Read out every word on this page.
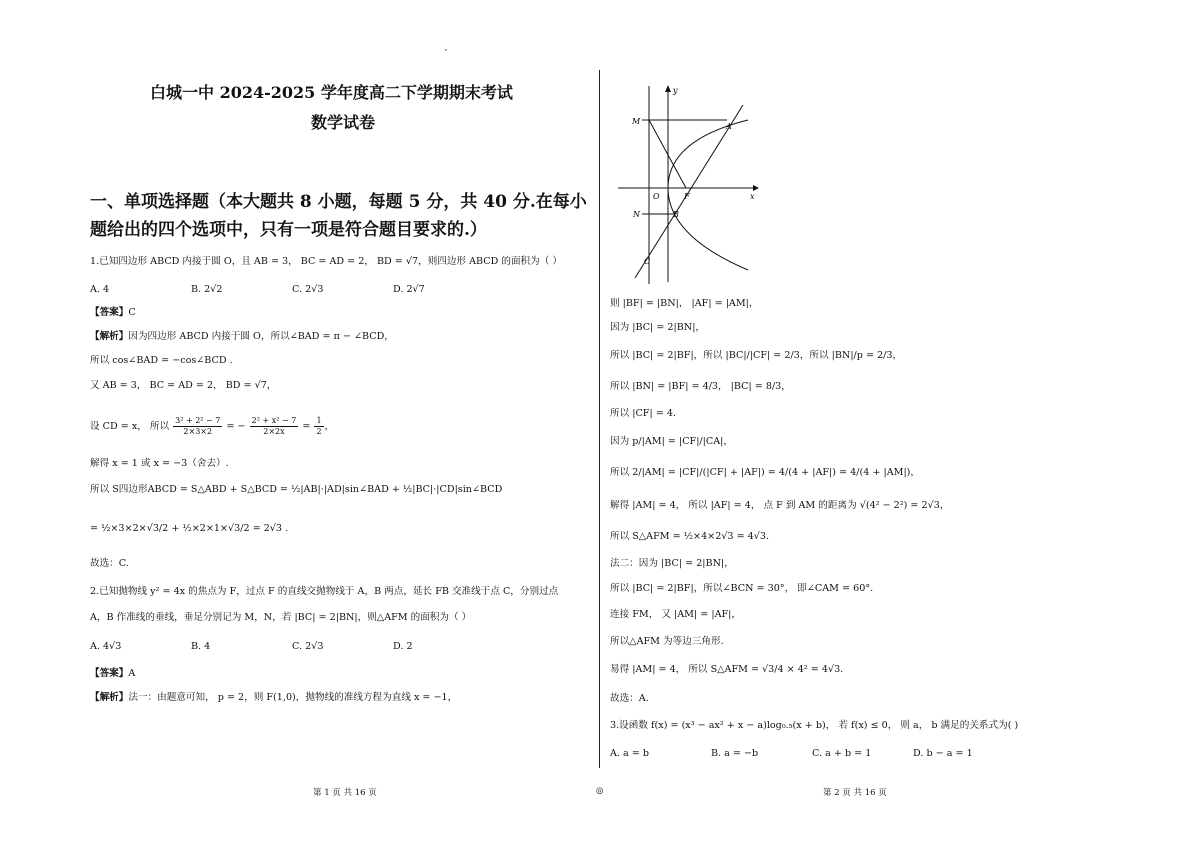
白城一中 2024-2025 学年度高二下学期期末考试
数学试卷
一、单项选择题（本大题共 8 小题，每题 5 分，共 40 分.在每小题给出的四个选项中，只有一项是符合题目要求的.）
1.已知四边形 ABCD 内接于圆 O，且 AB = 3， BC = AD = 2， BD = √7，则四边形 ABCD 的面积为（ ）
A. 4	B. 2√2	C. 2√3	D. 2√7
【答案】C
【解析】因为四边形 ABCD 内接于圆 O，所以∠BAD = π − ∠BCD，
所以 cos∠BAD = −cos∠BCD .
又 AB = 3， BC = AD = 2， BD = √7，
设 CD = x， 所以 $\frac{\text{3² + 2² − 7}}{2\times 3\times 2}$ = − $\frac{\text{2² + x² − 7}}{2\times 2x} = \frac{1}{2}$ ，
解得 x = 1 或 x = −3（舍去）.
所以 S四边形ABCD = S△ABD + S△BCD = ½|AB|·|AD|sin∠BAD + ½|BC|·|CD|sin∠BCD
= ½×3×2×√3/2 + ½×2×1×√3/2 = 2√3 .
故选：C.
2.已知抛物线 y² = 4x 的焦点为 F，过点 F 的直线交抛物线于 A，B 两点，延长 FB 交准线于点 C，分别过点
A，B 作准线的垂线，垂足分别记为 M，N，若 |BC| = 2|BN|，则△AFM 的面积为（ ）
A. 4√3	B. 4	C. 2√3	D. 2
【答案】A
【解析】法一：由题意可知， p = 2，则 F(1,0)，抛物线的准线方程为直线 x = −1，
y
x
M
A
O	F
N	B
C
则 |BF| = |BN|， |AF| = |AM|，
因为 |BC| = 2|BN|，
所以 |BC| = 2|BF|，所以 |BC|/|CF| = 2/3，所以 |BN|/p = 2/3，
所以 |BN| = |BF| = 4/3， |BC| = 8/3，
所以 |CF| = 4.
因为 p/|AM| = |CF|/|CA|，
所以 2/|AM| = |CF|/(|CF| + |AF|) = 4/(4 + |AF|) = 4/(4 + |AM|)，
解得 |AM| = 4， 所以 |AF| = 4， 点 F 到 AM 的距离为 √(4² − 2²) = 2√3，
所以 S△AFM = ½×4×2√3 = 4√3.
法二：因为 |BC| = 2|BN|，
所以 |BC| = 2|BF|，所以∠BCN = 30°， 即∠CAM = 60°.
连接 FM， 又 |AM| = |AF|，
所以△AFM 为等边三角形.
易得 |AM| = 4， 所以 S△AFM = √3/4 × 4² = 4√3.
故选：A.
3.设函数 f(x) = (x³ − ax² + x − a)log₀.₅(x + b)， 若 f(x) ≤ 0， 则 a， b 满足的关系式为( )
A. a = b	B. a = −b	C. a + b = 1	D. b − a = 1
第 1 页 共 16 页	◎	第 2 页 共 16 页
